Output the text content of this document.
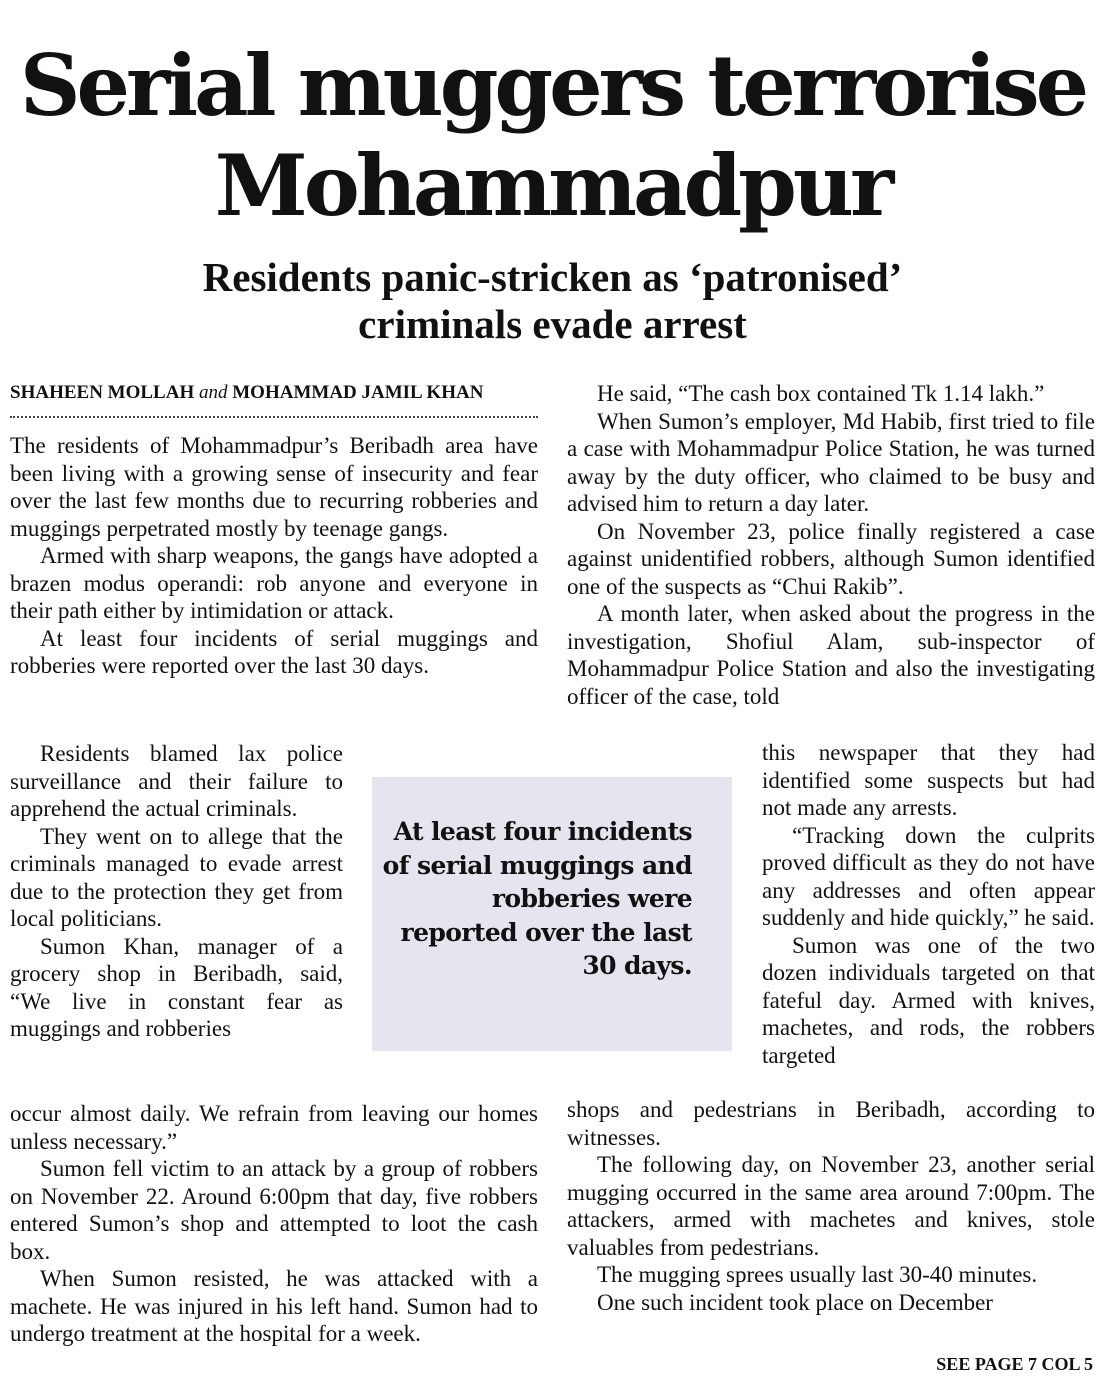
Serial muggers terrorise
Mohammadpur
Residents panic-stricken as ‘patronised’
criminals evade arrest
SHAHEEN MOLLAH and MOHAMMAD JAMIL KHAN

The residents of Mohammadpur’s Beribadh area have been living with a growing sense of insecurity and fear over the last few months due to recurring robberies and muggings perpetrated mostly by teenage gangs.

Armed with sharp weapons, the gangs have adopted a brazen modus operandi: rob anyone and everyone in their path either by intimidation or attack.

At least four incidents of serial muggings and robberies were reported over the last 30 days.

Residents blamed lax police surveillance and their failure to apprehend the actual criminals.

They went on to allege that the criminals managed to evade arrest due to the protection they get from local politicians.

Sumon Khan, manager of a grocery shop in Beribadh, said, “We live in constant fear as muggings and robberies

occur almost daily. We refrain from leaving our homes unless necessary.”

Sumon fell victim to an attack by a group of robbers on November 22. Around 6:00pm that day, five robbers entered Sumon’s shop and attempted to loot the cash box.

When Sumon resisted, he was attacked with a machete. He was injured in his left hand. Sumon had to undergo treatment at the hospital for a week.

He said, “The cash box contained Tk 1.14 lakh.”

When Sumon’s employer, Md Habib, first tried to file a case with Mohammadpur Police Station, he was turned away by the duty officer, who claimed to be busy and advised him to return a day later.

On November 23, police finally registered a case against unidentified robbers, although Sumon identified one of the suspects as “Chui Rakib”.

A month later, when asked about the progress in the investigation, Shofiul Alam, sub-inspector of Mohammadpur Police Station and also the investigating officer of the case, told

this newspaper that they had identified some suspects but had not made any arrests.

“Tracking down the culprits proved difficult as they do not have any addresses and often appear suddenly and hide quickly,” he said.

Sumon was one of the two dozen individuals targeted on that fateful day. Armed with knives, machetes, and rods, the robbers targeted

shops and pedestrians in Beribadh, according to witnesses.

The following day, on November 23, another serial mugging occurred in the same area around 7:00pm. The attackers, armed with machetes and knives, stole valuables from pedestrians.

The mugging sprees usually last 30-40 minutes.

One such incident took place on December

At least four incidents of serial muggings and robberies were reported over the last 30 days.
SEE PAGE 7 COL 5
